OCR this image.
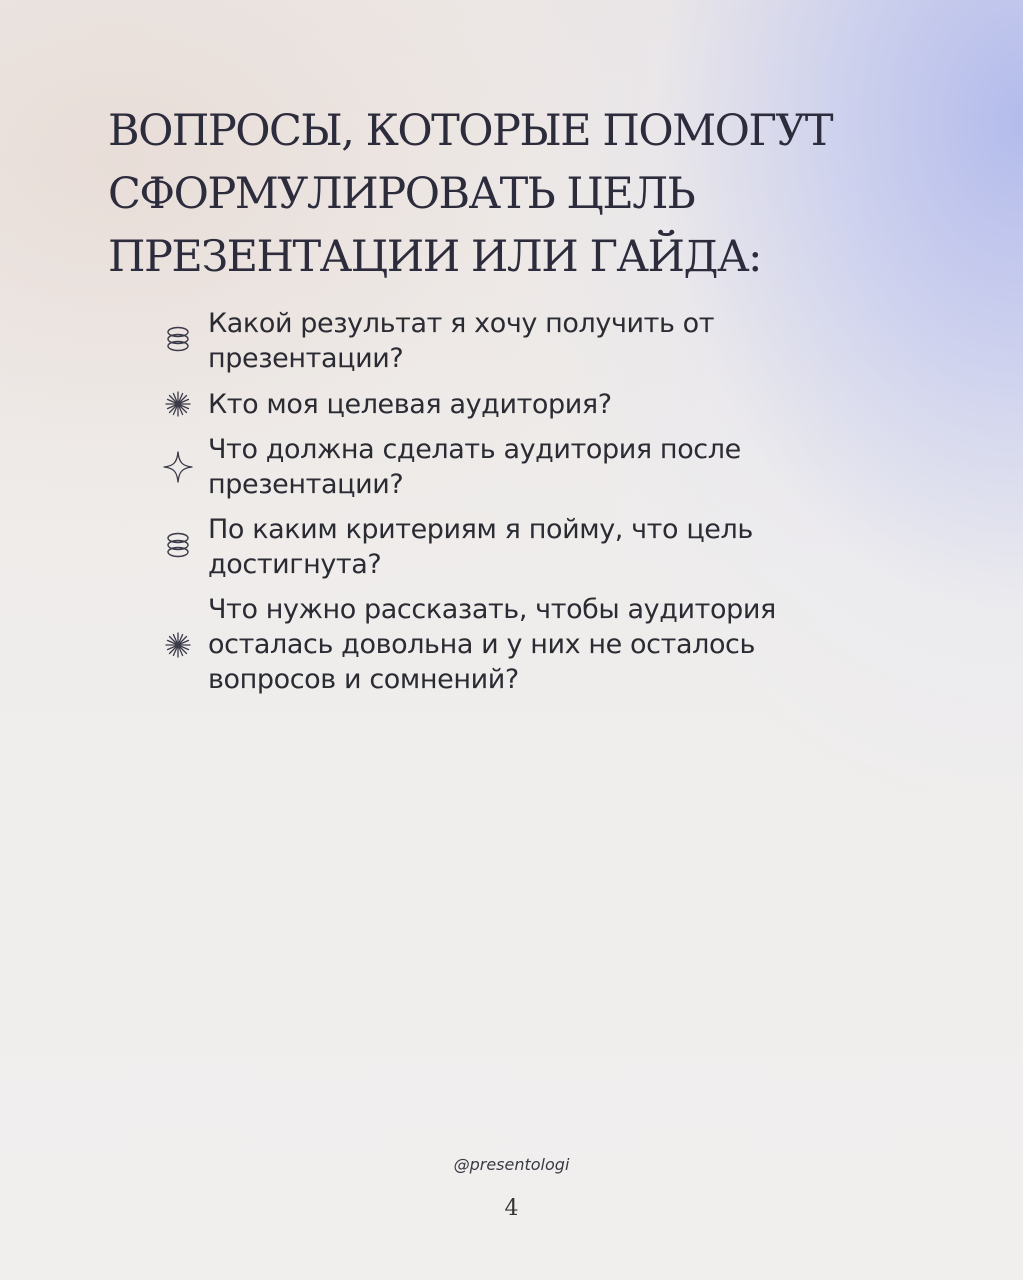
ВОПРОСЫ, КОТОРЫЕ ПОМОГУТ
СФОРМУЛИРОВАТЬ ЦЕЛЬ
ПРЕЗЕНТАЦИИ ИЛИ ГАЙДА:
Какой результат я хочу получить от
презентации?
Кто моя целевая аудитория?
Что должна сделать аудитория после
презентации?
По каким критериям я пойму, что цель
достигнута?
Что нужно рассказать, чтобы аудитория
осталась довольна и у них не осталось
вопросов и сомнений?
@presentologi
4
